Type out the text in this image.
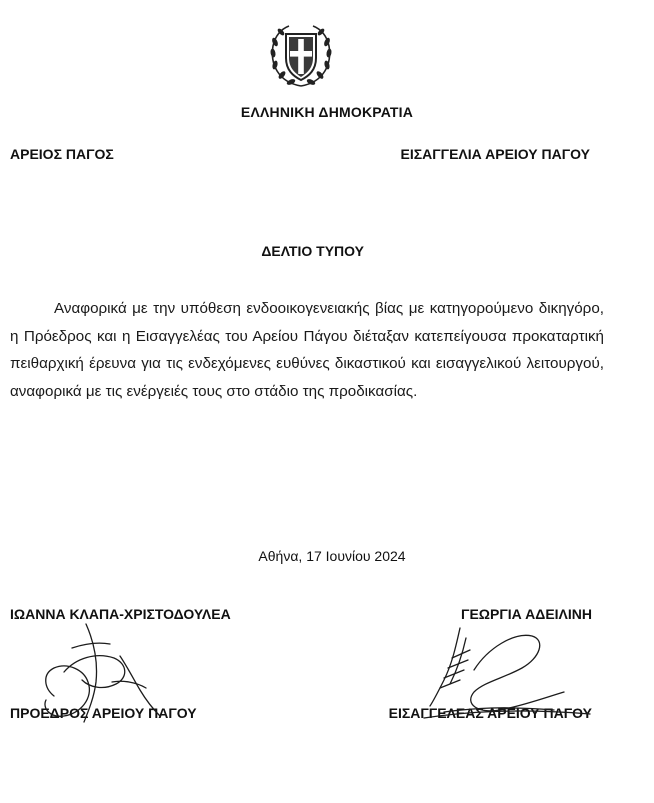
ΕΛΛΗΝΙΚΗ ΔΗΜΟΚΡΑΤΙΑ
ΑΡΕΙΟΣ ΠΑΓΟΣ	ΕΙΣΑΓΓΕΛΙΑ ΑΡΕΙΟΥ ΠΑΓΟΥ
ΔΕΛΤΙΟ ΤΥΠΟΥ

Αναφορικά με την υπόθεση ενδοοικογενειακής βίας με κατηγορούμενο δικηγόρο, η Πρόεδρος και η Εισαγγελέας του Αρείου Πάγου διέταξαν κατεπείγουσα προκαταρτική πειθαρχική έρευνα για τις ενδεχόμενες ευθύνες δικαστικού και εισαγγελικού λειτουργού, αναφορικά με τις ενέργειές τους στο στάδιο της προδικασίας.

Αθήνα, 17 Ιουνίου 2024
ΙΩΑΝΝΑ ΚΛΑΠΑ-ΧΡΙΣΤΟΔΟΥΛΕΑ	ΓΕΩΡΓΙΑ ΑΔΕΙΛΙΝΗ
ΠΡΟΕΔΡΟΣ ΑΡΕΙΟΥ ΠΑΓΟΥ	ΕΙΣΑΓΓΕΛΕΑΣ ΑΡΕΙΟΥ ΠΑΓΟΥ
